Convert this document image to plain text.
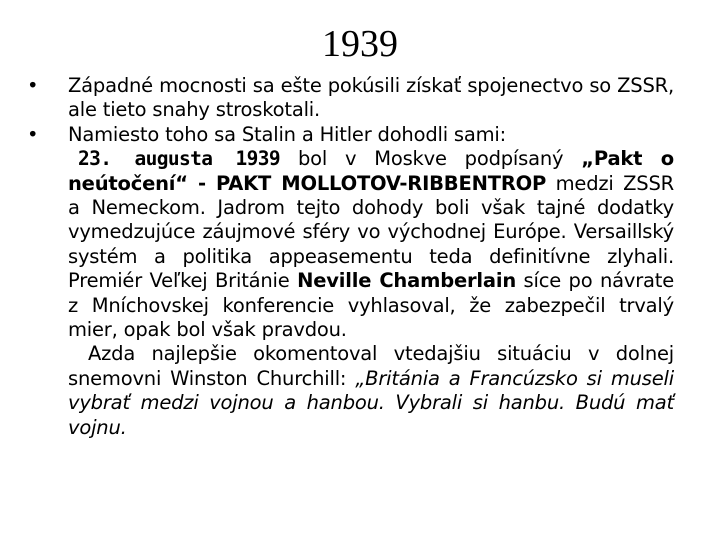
1939
• Západné mocnosti sa ešte pokúsili získať spojenectvo so ZSSR, ale tieto snahy stroskotali.
• Namiesto toho sa Stalin a Hitler dohodli sami:
23. augusta 1939 bol v Moskve podpísaný „Pakt o neútočení“ - PAKT MOLLOTOV-RIBBENTROP medzi ZSSR a Nemeckom. Jadrom tejto dohody boli však tajné dodatky vymedzujúce záujmové sféry vo východnej Európe. Versaillský systém a politika appeasementu teda definitívne zlyhali. Premiér Veľkej Británie Neville Chamberlain síce po návrate z Mníchovskej konferencie vyhlasoval, že zabezpečil trvalý mier, opak bol však pravdou.
Azda najlepšie okomentoval vtedajšiu situáciu v dolnej snemovni Winston Churchill: „Británia a Francúzsko si museli vybrať medzi vojnou a hanbou. Vybrali si hanbu. Budú mať vojnu.
